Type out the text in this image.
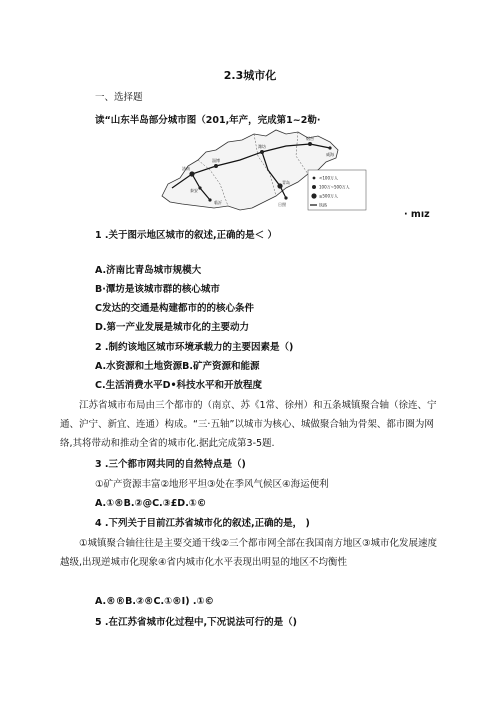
2.3城市化
一、选择题
读“山东半岛部分城市图（201,年产，完成第1~2勒·
济南
淄博
潍坊
烟台
威海
青岛
日照
泰安
临沂
<100万人
100万~500万人
≥500万人
铁路
· mız
1 .关于图示地区城市的叙述,正确的是＜ ）
A.济南比青岛城市规模大
B·潭坊是该城市群的核心城市
C发达的交通是构建都市的的核心条件
D.第一产业发展是城市化的主要动力
2 .制约该地区城市环境承载力的主要因素是（)
A.水资源和土地资源B.矿产资源和能源
C.生活消费水平D•科技水平和开放程度
江苏省城市布局由三个都市的（南京、苏《1常、徐州）和五条城镇聚合轴（徐连、宁通、沪宁、新宜、连通）构成。“三·五轴”以城市为核心、城做聚合轴为骨架、都市圈为网络,其将带动和推动全省的城市化.据此完成第3-5题.
3 .三个都市网共同的自然特点是（)
①矿产资源丰富②地形平坦③处在季风气候区④海运便利
A.①®B.②@C.③£D.①©
4 .下列关于目前江苏省城市化的叙述,正确的是， )
①城镇聚合轴往往是主要交通干线②三个都市网全部在我国南方地区③城市化发展速度越级,出现逆城市化现象④省内城市化水平表现出明显的地区不均衡性
A.®®B.②®C.①®I) .①©
5 .在江苏省城市化过程中,下况说法可行的是（)
